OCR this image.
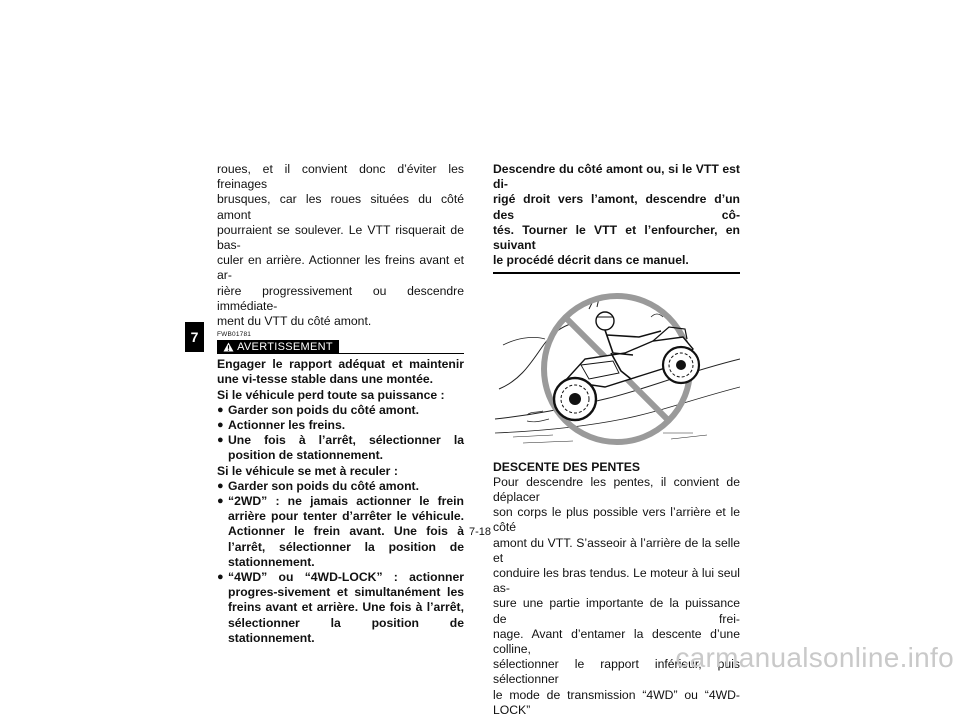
7
roues, et il convient donc d’éviter les freinages
brusques, car les roues situées du côté amont
pourraient se soulever. Le VTT risquerait de bas-
culer en arrière. Actionner les freins avant et ar-
rière progressivement ou descendre immédiate-
ment du VTT du côté amont.
FWB01781
AVERTISSEMENT
Engager le rapport adéquat et maintenir une vi-tesse stable dans une montée.
Si le véhicule perd toute sa puissance :
● Garder son poids du côté amont.
● Actionner les freins.
● Une fois à l’arrêt, sélectionner la position de stationnement.
Si le véhicule se met à reculer :
● Garder son poids du côté amont.
● “2WD” : ne jamais actionner le frein arrière pour tenter d’arrêter le véhicule. Actionner le frein avant. Une fois à l’arrêt, sélectionner la position de stationnement.
● “4WD” ou “4WD-LOCK” : actionner progres-sivement et simultanément les freins avant et arrière. Une fois à l’arrêt, sélectionner la position de stationnement.
Descendre du côté amont ou, si le VTT est di-
rigé droit vers l’amont, descendre d’un des cô-
tés. Tourner le VTT et l’enfourcher, en suivant
le procédé décrit dans ce manuel.
DESCENTE DES PENTES
Pour descendre les pentes, il convient de déplacer
son corps le plus possible vers l’arrière et le côté
amont du VTT. S’asseoir à l’arrière de la selle et
conduire les bras tendus. Le moteur à lui seul as-
sure une partie importante de la puissance de frei-
nage. Avant d’entamer la descente d’une colline,
sélectionner le rapport inférieur, puis sélectionner
le mode de transmission “4WD” ou “4WD-LOCK”
7-18
carmanualsonline.info
